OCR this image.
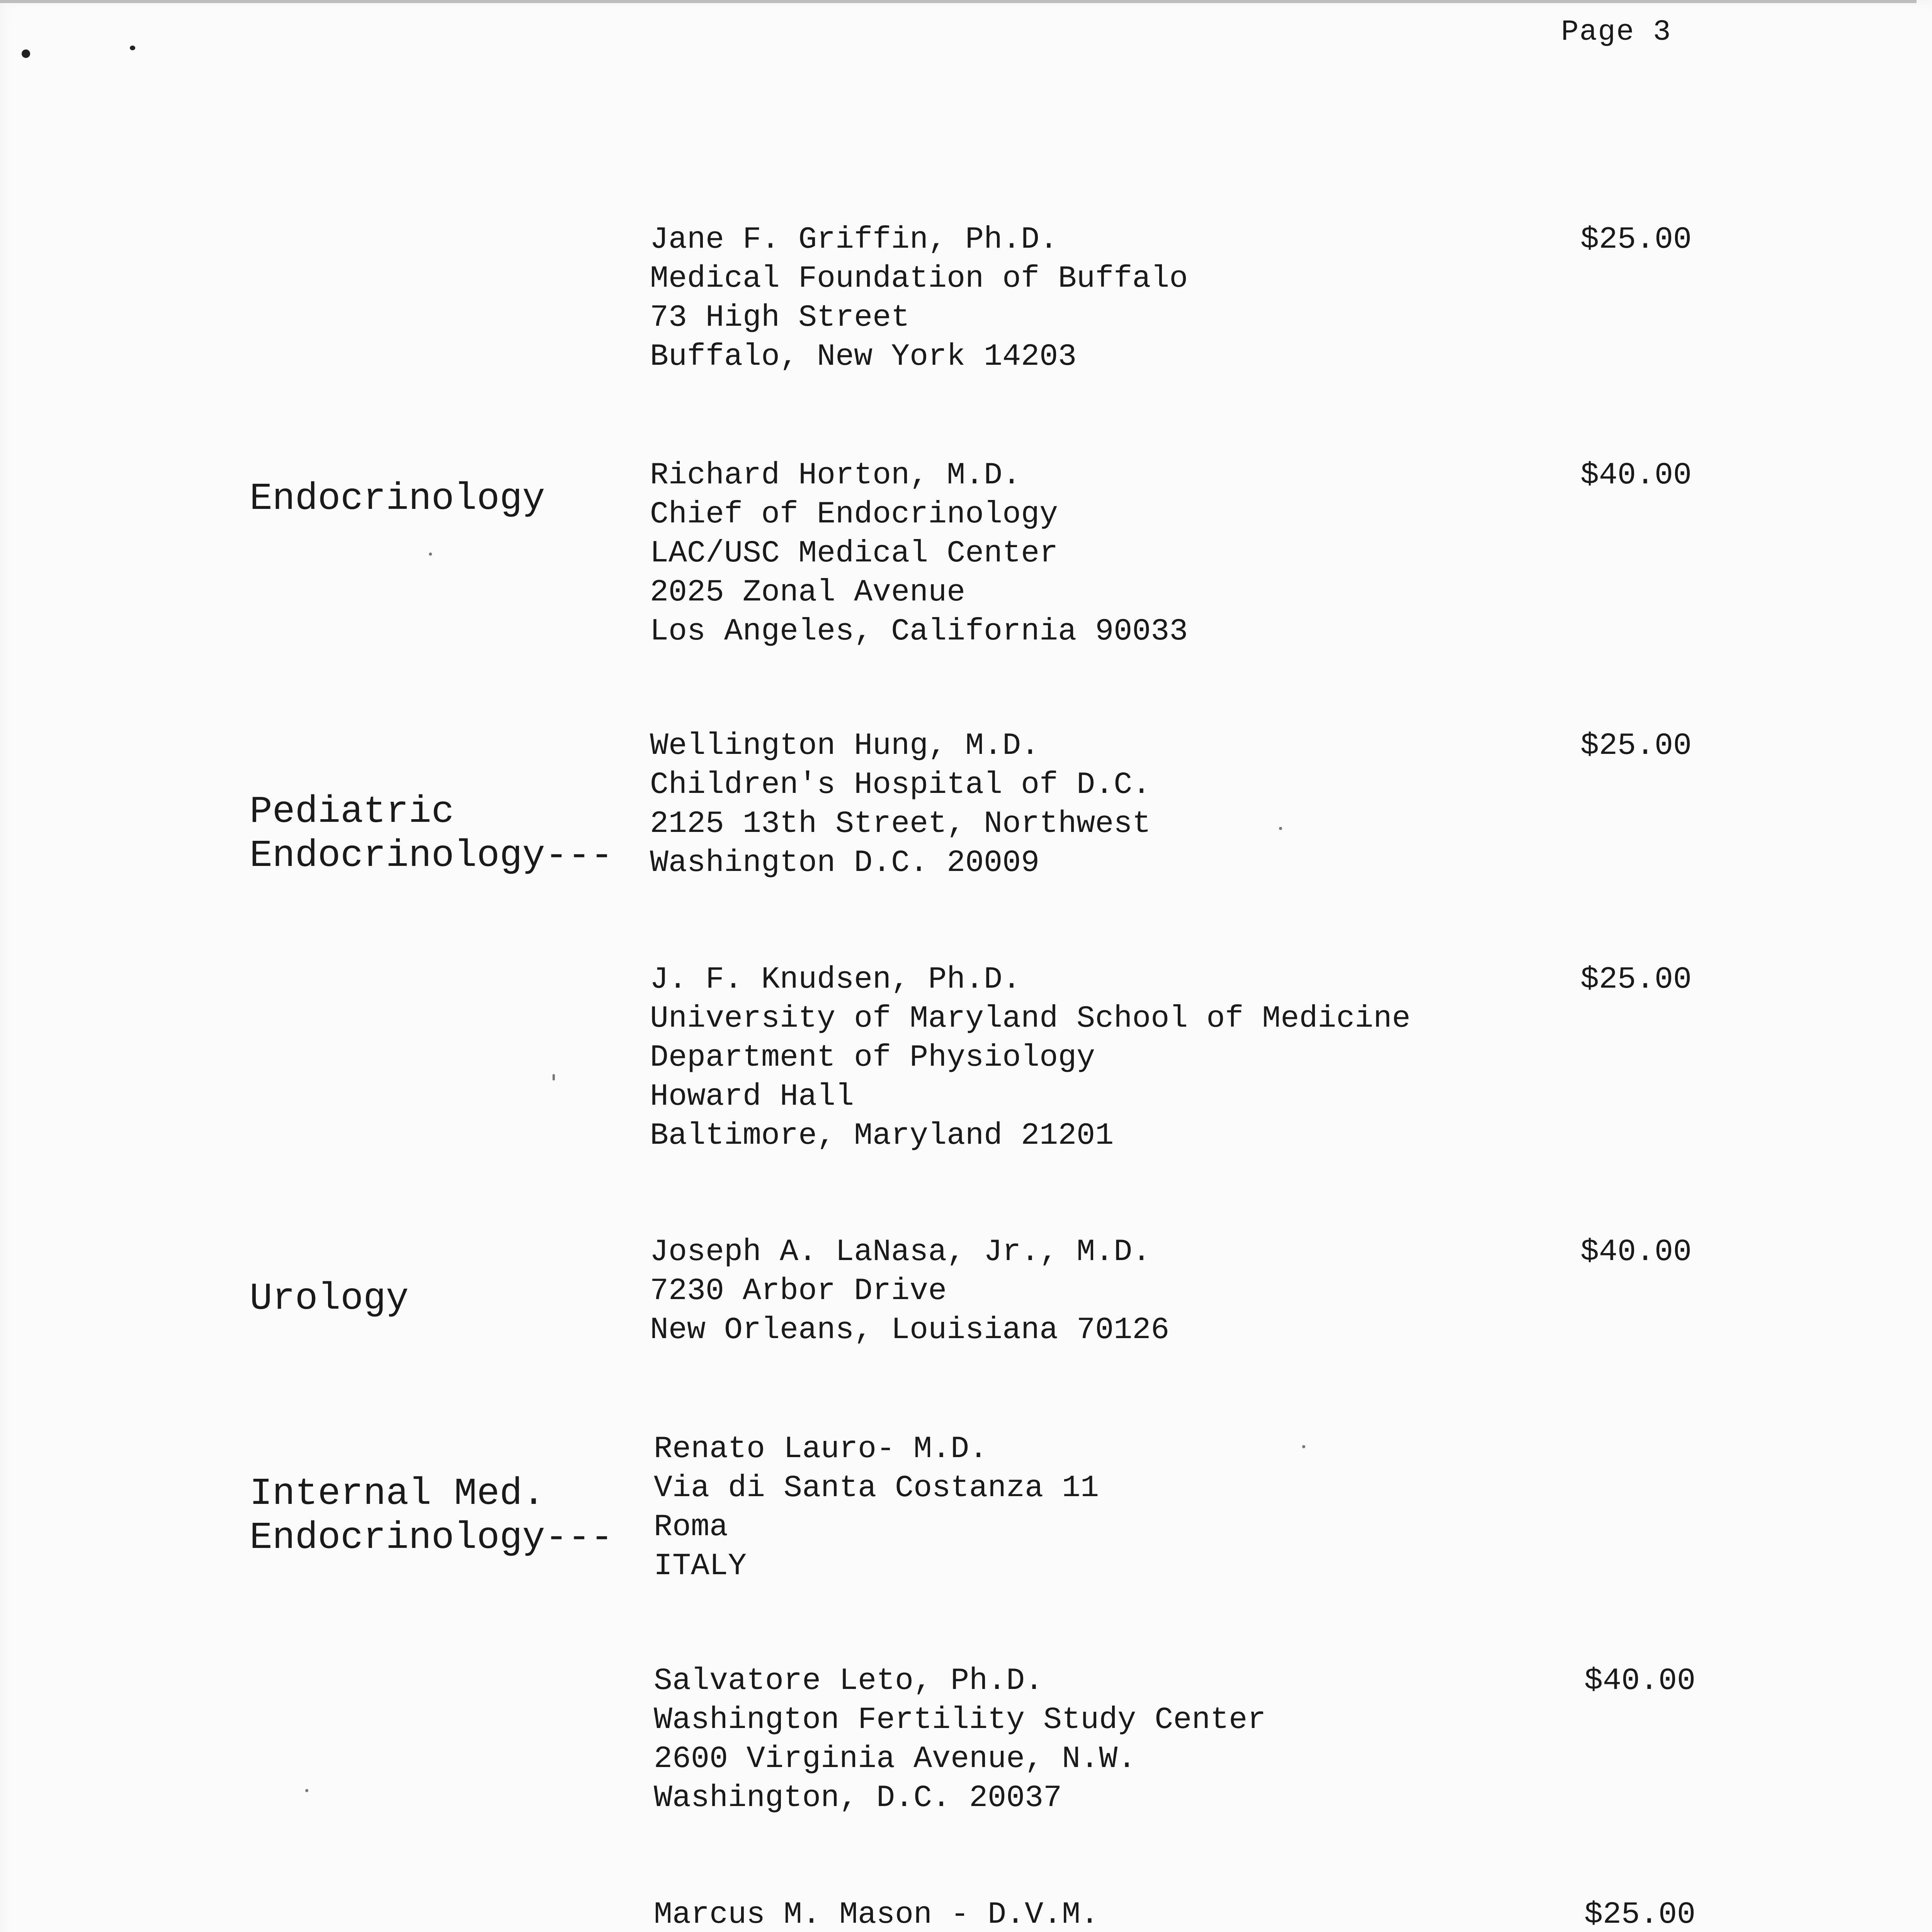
Page 3
Jane F. Griffin, Ph.D.
Medical Foundation of Buffalo
73 High Street
Buffalo, New York 14203
$25.00
Endocrinology
Richard Horton, M.D.
Chief of Endocrinology
LAC/USC Medical Center
2025 Zonal Avenue
Los Angeles, California 90033
$40.00
Pediatric
Endocrinology---
Wellington Hung, M.D.
Children's Hospital of D.C.
2125 13th Street, Northwest
Washington D.C. 20009
$25.00
J. F. Knudsen, Ph.D.
University of Maryland School of Medicine
Department of Physiology
Howard Hall
Baltimore, Maryland 21201
$25.00
Urology
Joseph A. LaNasa, Jr., M.D.
7230 Arbor Drive
New Orleans, Louisiana 70126
$40.00
Internal Med.
Endocrinology---
Renato Lauro- M.D.
Via di Santa Costanza 11
Roma
ITALY
Salvatore Leto, Ph.D.
Washington Fertility Study Center
2600 Virginia Avenue, N.W.
Washington, D.C. 20037
$40.00
Marcus M. Mason - D.V.M.	$25.00
